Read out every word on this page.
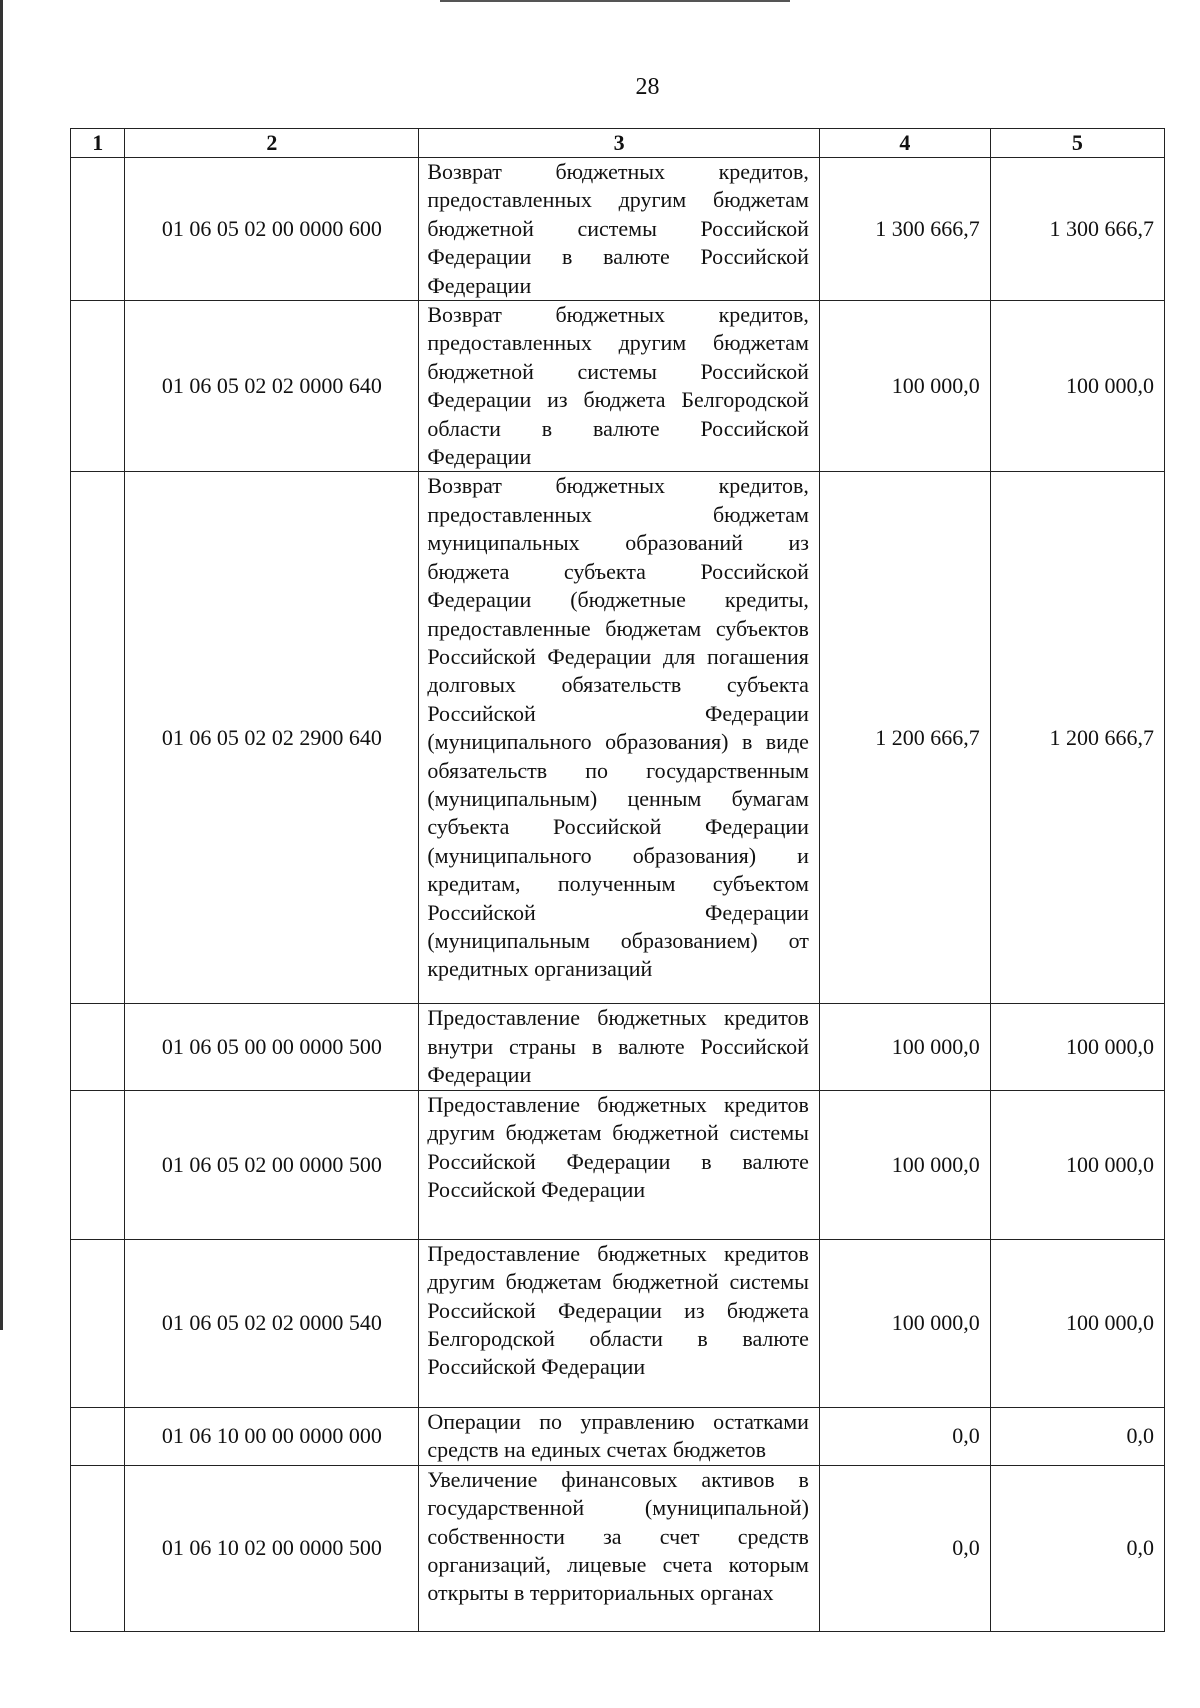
28
1	2	3	4	5
	01 06 05 02 00 0000 600	Возврат бюджетных кредитов, предоставленных другим бюджетам бюджетной системы Российской Федерации в валюте Российской Федерации	1 300 666,7	1 300 666,7
	01 06 05 02 02 0000 640	Возврат бюджетных кредитов, предоставленных другим бюджетам бюджетной системы Российской Федерации из бюджета Белгородской области в валюте Российской Федерации	100 000,0	100 000,0
	01 06 05 02 02 2900 640	Возврат бюджетных кредитов, предоставленных бюджетам муниципальных образований из бюджета субъекта Российской Федерации (бюджетные кредиты, предоставленные бюджетам субъектов Российской Федерации для погашения долговых обязательств субъекта Российской Федерации (муниципального образования) в виде обязательств по государственным (муниципальным) ценным бумагам субъекта Российской Федерации (муниципального образования) и кредитам, полученным субъектом Российской Федерации (муниципальным образованием) от кредитных организаций	1 200 666,7	1 200 666,7
	01 06 05 00 00 0000 500	Предоставление бюджетных кредитов внутри страны в валюте Российской Федерации	100 000,0	100 000,0
	01 06 05 02 00 0000 500	Предоставление бюджетных кредитов другим бюджетам бюджетной системы Российской Федерации в валюте Российской Федерации	100 000,0	100 000,0
	01 06 05 02 02 0000 540	Предоставление бюджетных кредитов другим бюджетам бюджетной системы Российской Федерации из бюджета Белгородской области в валюте Российской Федерации	100 000,0	100 000,0
	01 06 10 00 00 0000 000	Операции по управлению остатками средств на единых счетах бюджетов	0,0	0,0
	01 06 10 02 00 0000 500	Увеличение финансовых активов в государственной (муниципальной) собственности за счет средств организаций, лицевые счета которым открыты в территориальных органах	0,0	0,0
